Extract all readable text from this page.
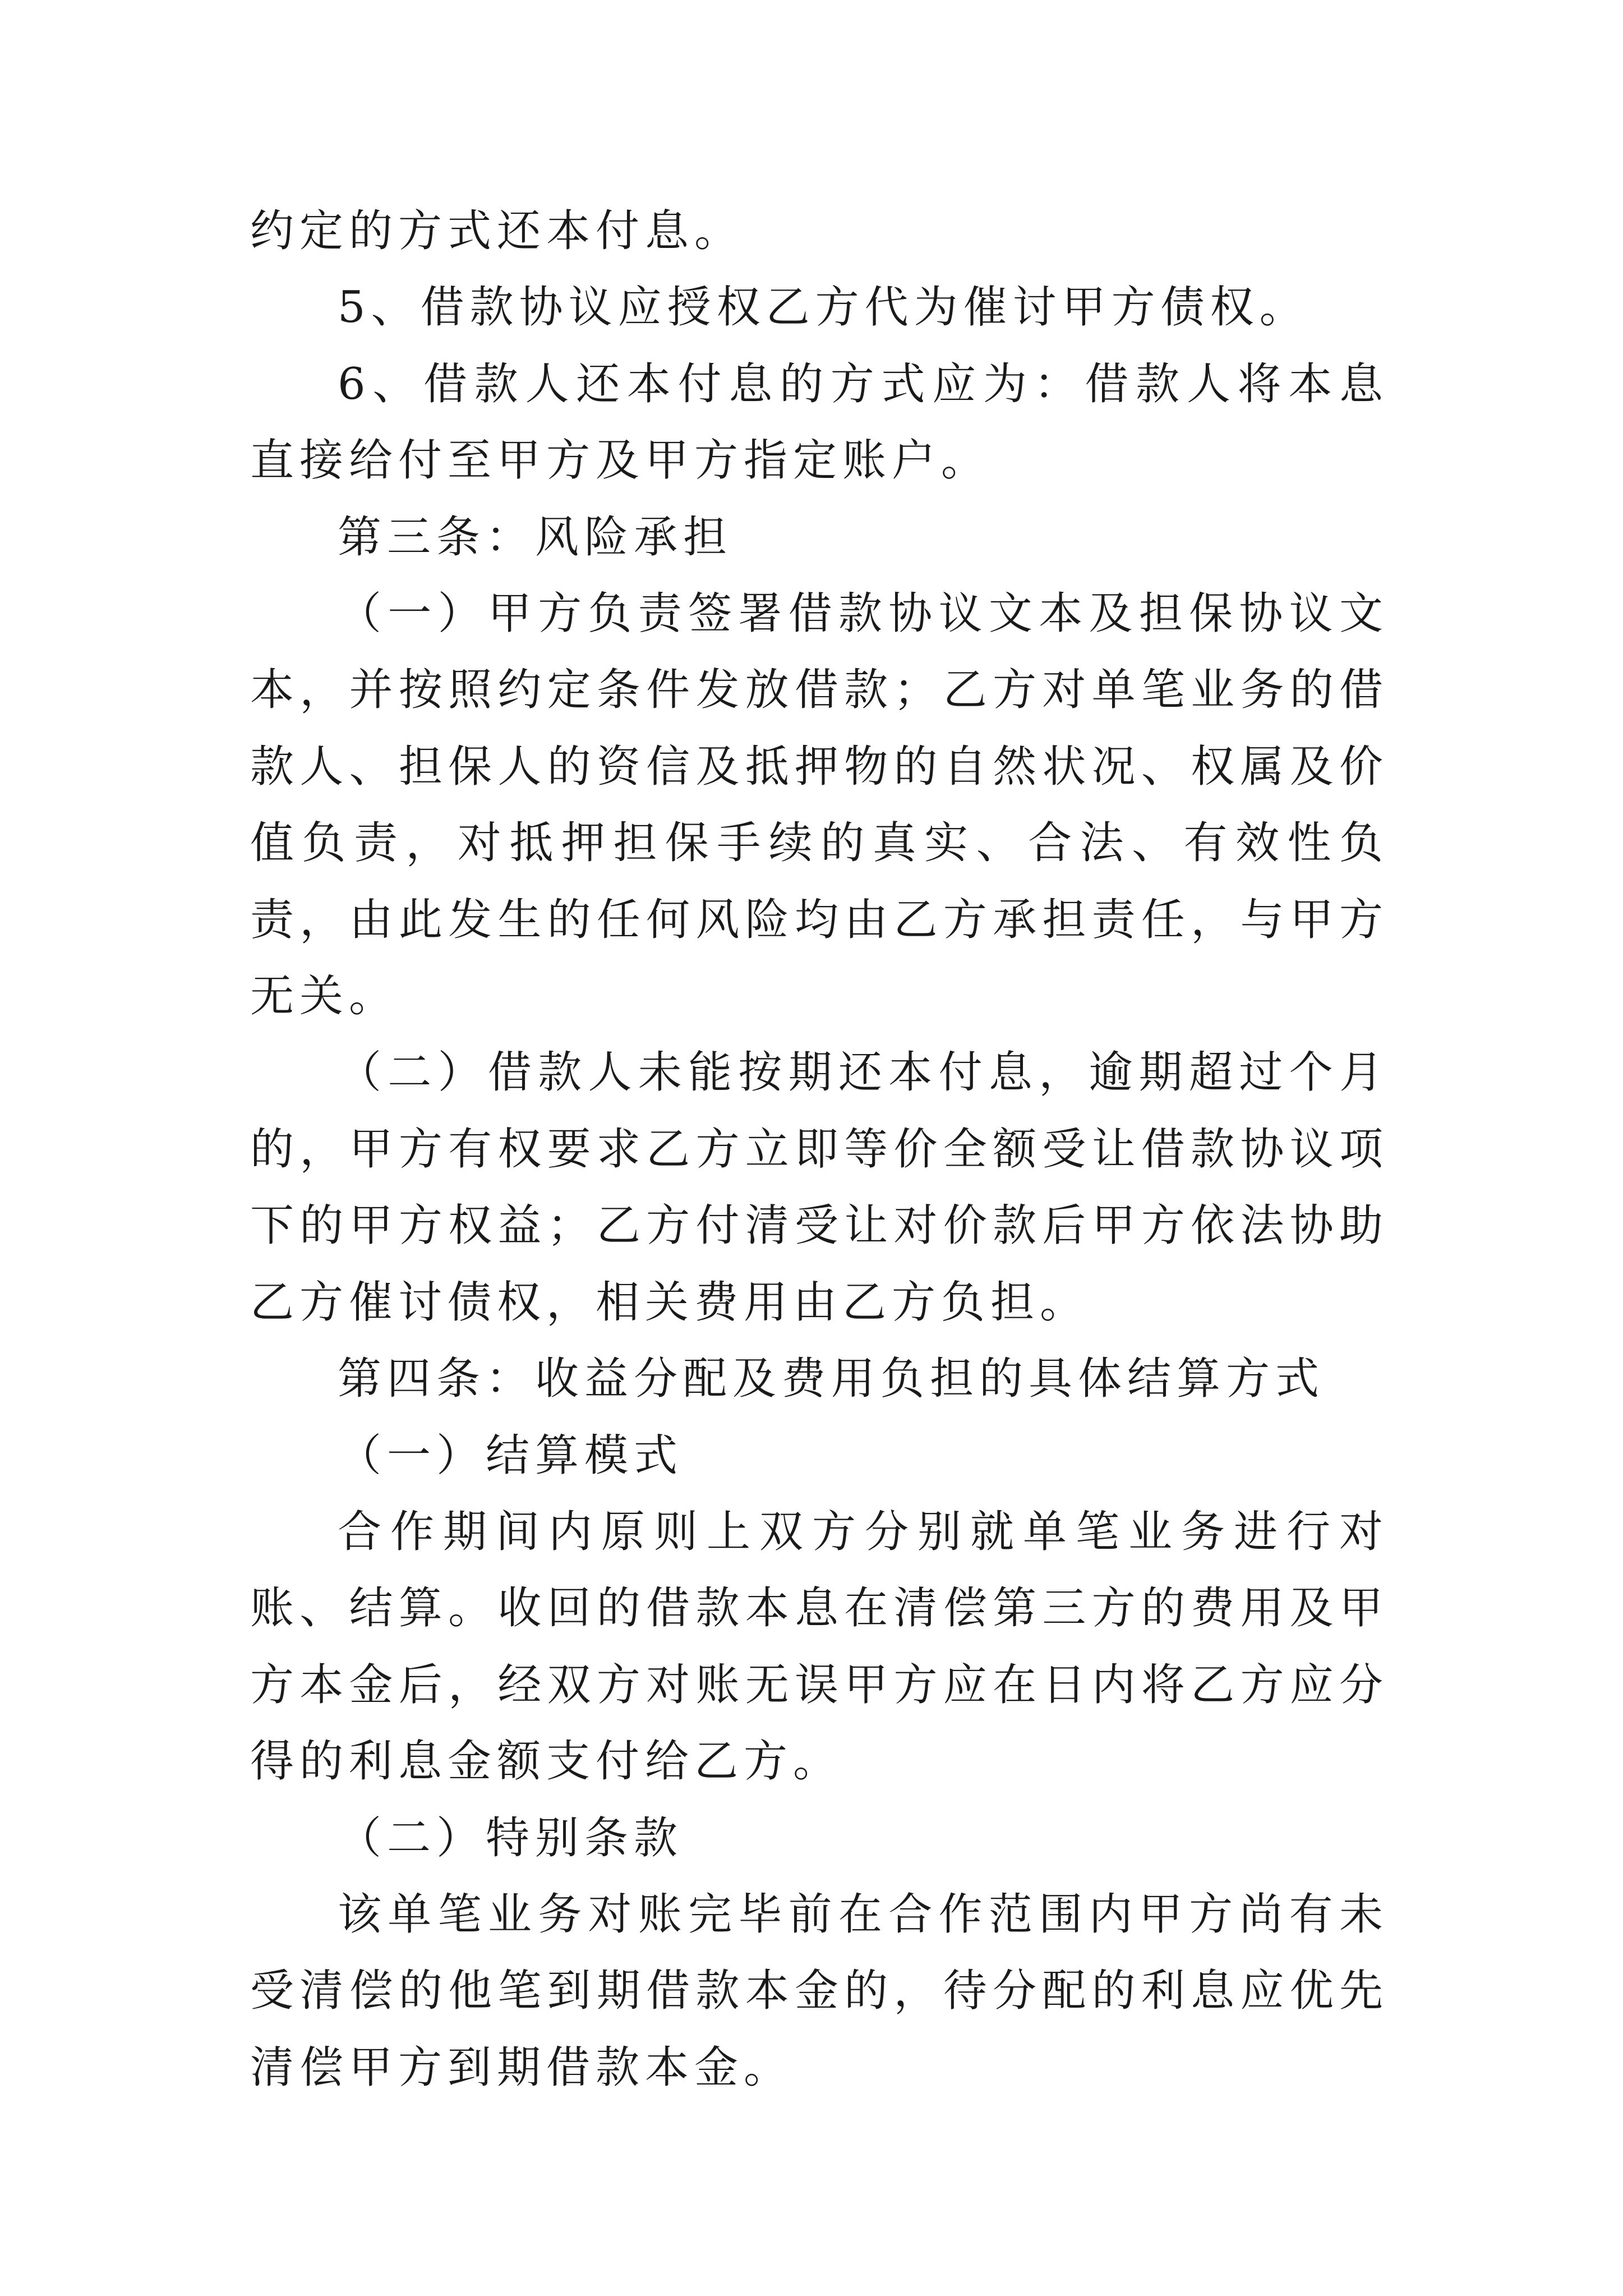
约定的方式还本付息。

5、借款协议应授权乙方代为催讨甲方债权。

6、借款人还本付息的方式应为：借款人将本息直接给付至甲方及甲方指定账户。

第三条：风险承担

（一）甲方负责签署借款协议文本及担保协议文本，并按照约定条件发放借款；乙方对单笔业务的借款人、担保人的资信及抵押物的自然状况、权属及价值负责，对抵押担保手续的真实、合法、有效性负责，由此发生的任何风险均由乙方承担责任，与甲方无关。

（二）借款人未能按期还本付息，逾期超过个月的，甲方有权要求乙方立即等价全额受让借款协议项下的甲方权益；乙方付清受让对价款后甲方依法协助乙方催讨债权，相关费用由乙方负担。

第四条：收益分配及费用负担的具体结算方式

（一）结算模式

合作期间内原则上双方分别就单笔业务进行对账、结算。收回的借款本息在清偿第三方的费用及甲方本金后，经双方对账无误甲方应在日内将乙方应分得的利息金额支付给乙方。

（二）特别条款

该单笔业务对账完毕前在合作范围内甲方尚有未受清偿的他笔到期借款本金的，待分配的利息应优先清偿甲方到期借款本金。
